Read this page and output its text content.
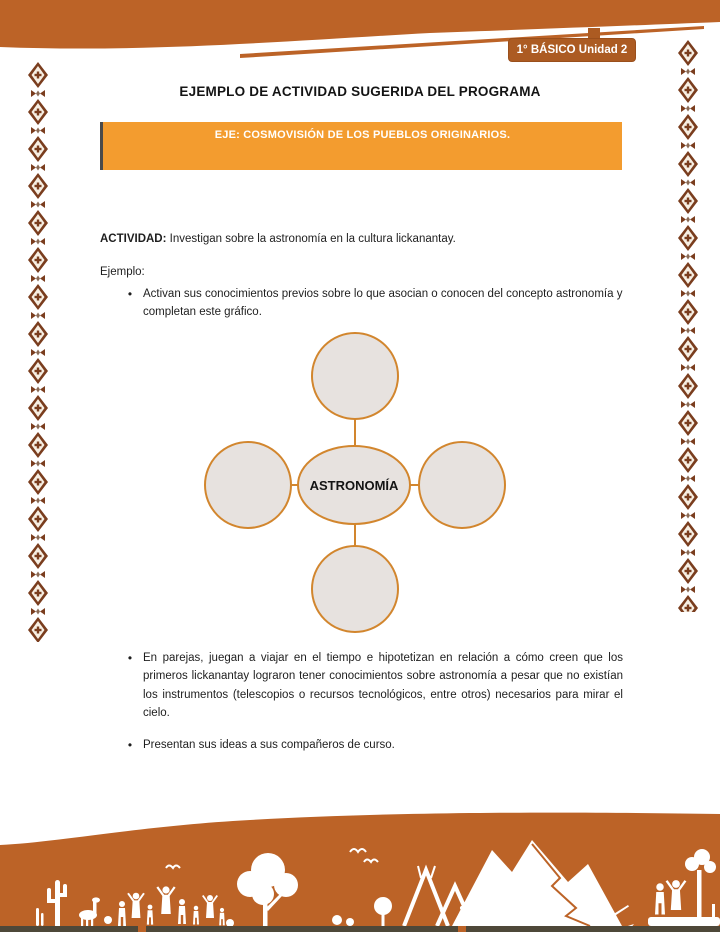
1° BÁSICO Unidad 2
EJEMPLO DE ACTIVIDAD SUGERIDA DEL PROGRAMA
EJE: COSMOVISIÓN DE LOS PUEBLOS ORIGINARIOS.
ACTIVIDAD: Investigan sobre la astronomía en la cultura lickanantay.
Ejemplo:
•
Activan sus conocimientos previos sobre lo que asocian o conocen del concepto astronomía y completan este gráfico.
ASTRONOMÍA
•
En parejas, juegan a viajar en el tiempo e hipotetizan en relación a cómo creen que los primeros lickanantay lograron tener conocimientos sobre astronomía a pesar que no existían los instrumentos (telescopios o recursos tecnológicos, entre otros) necesarios para mirar el cielo.
•
Presentan sus ideas a sus compañeros de curso.
